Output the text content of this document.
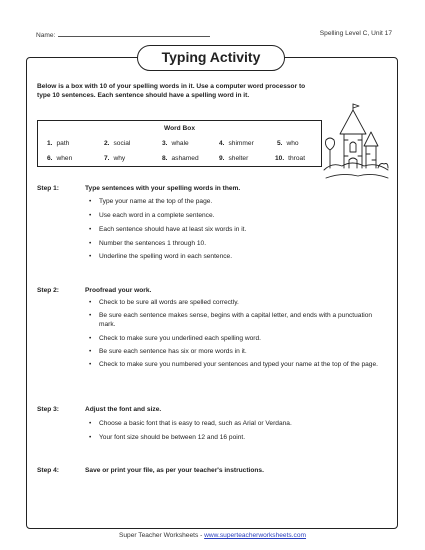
Name:	Spelling Level C, Unit 17
Typing Activity
Below is a box with 10 of your spelling words in it. Use a computer word processor to type 10 sentences. Each sentence should have a spelling word in it.
Word Box
1. path	2. social	3. whale	4. shimmer	5. who
6. when	7. why	8. ashamed	9. shelter	10. throat
Step 1:	Type sentences with your spelling words in them.
• Type your name at the top of the page.
• Use each word in a complete sentence.
• Each sentence should have at least six words in it.
• Number the sentences 1 through 10.
• Underline the spelling word in each sentence.
Step 2:	Proofread your work.
• Check to be sure all words are spelled correctly.
• Be sure each sentence makes sense, begins with a capital letter, and ends with a punctuation mark.
• Check to make sure you underlined each spelling word.
• Be sure each sentence has six or more words in it.
• Check to make sure you numbered your sentences and typed your name at the top of the page.
Step 3:	Adjust the font and size.
• Choose a basic font that is easy to read, such as Arial or Verdana.
• Your font size should be between 12 and 16 point.
Step 4:	Save or print your file, as per your teacher's instructions.
Super Teacher Worksheets - www.superteacherworksheets.com
